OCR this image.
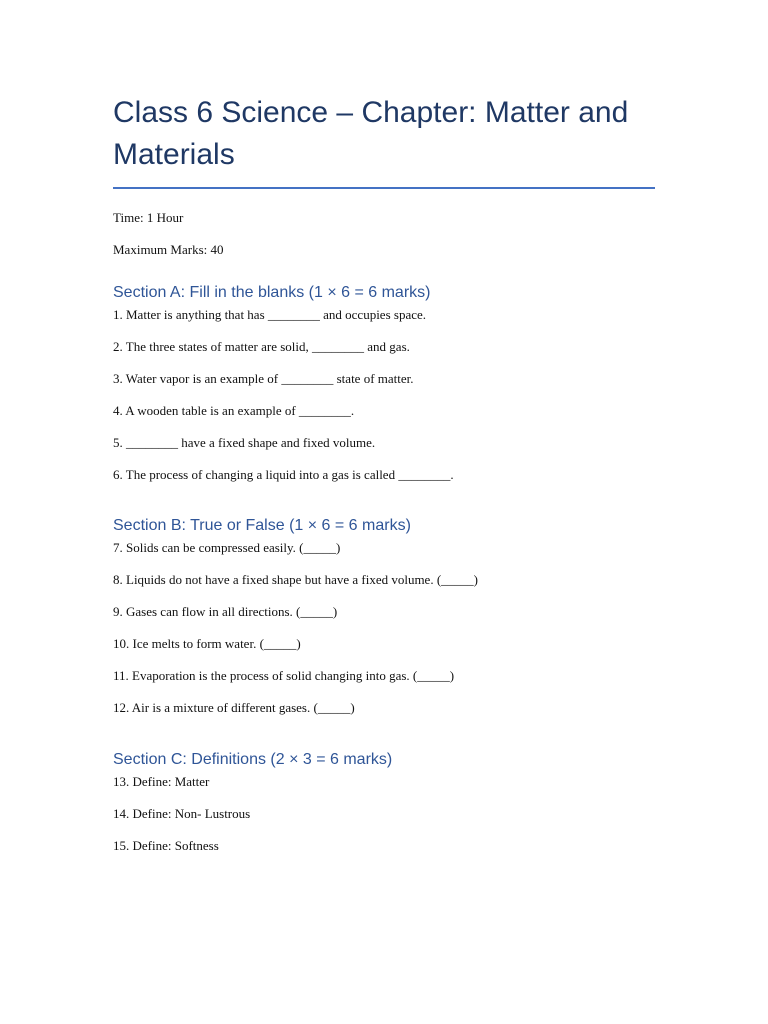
Class 6 Science – Chapter: Matter and Materials

Time: 1 Hour

Maximum Marks: 40

Section A: Fill in the blanks (1 × 6 = 6 marks)
1. Matter is anything that has ________ and occupies space.
2. The three states of matter are solid, ________ and gas.
3. Water vapor is an example of ________ state of matter.
4. A wooden table is an example of ________.
5. ________ have a fixed shape and fixed volume.
6. The process of changing a liquid into a gas is called ________.
Section B: True or False (1 × 6 = 6 marks)
7. Solids can be compressed easily. (_____)
8. Liquids do not have a fixed shape but have a fixed volume. (_____)
9. Gases can flow in all directions. (_____)
10. Ice melts to form water. (_____)
11. Evaporation is the process of solid changing into gas. (_____)
12. Air is a mixture of different gases. (_____)
Section C: Definitions (2 × 3 = 6 marks)
13. Define: Matter
14. Define: Non- Lustrous
15. Define: Softness
